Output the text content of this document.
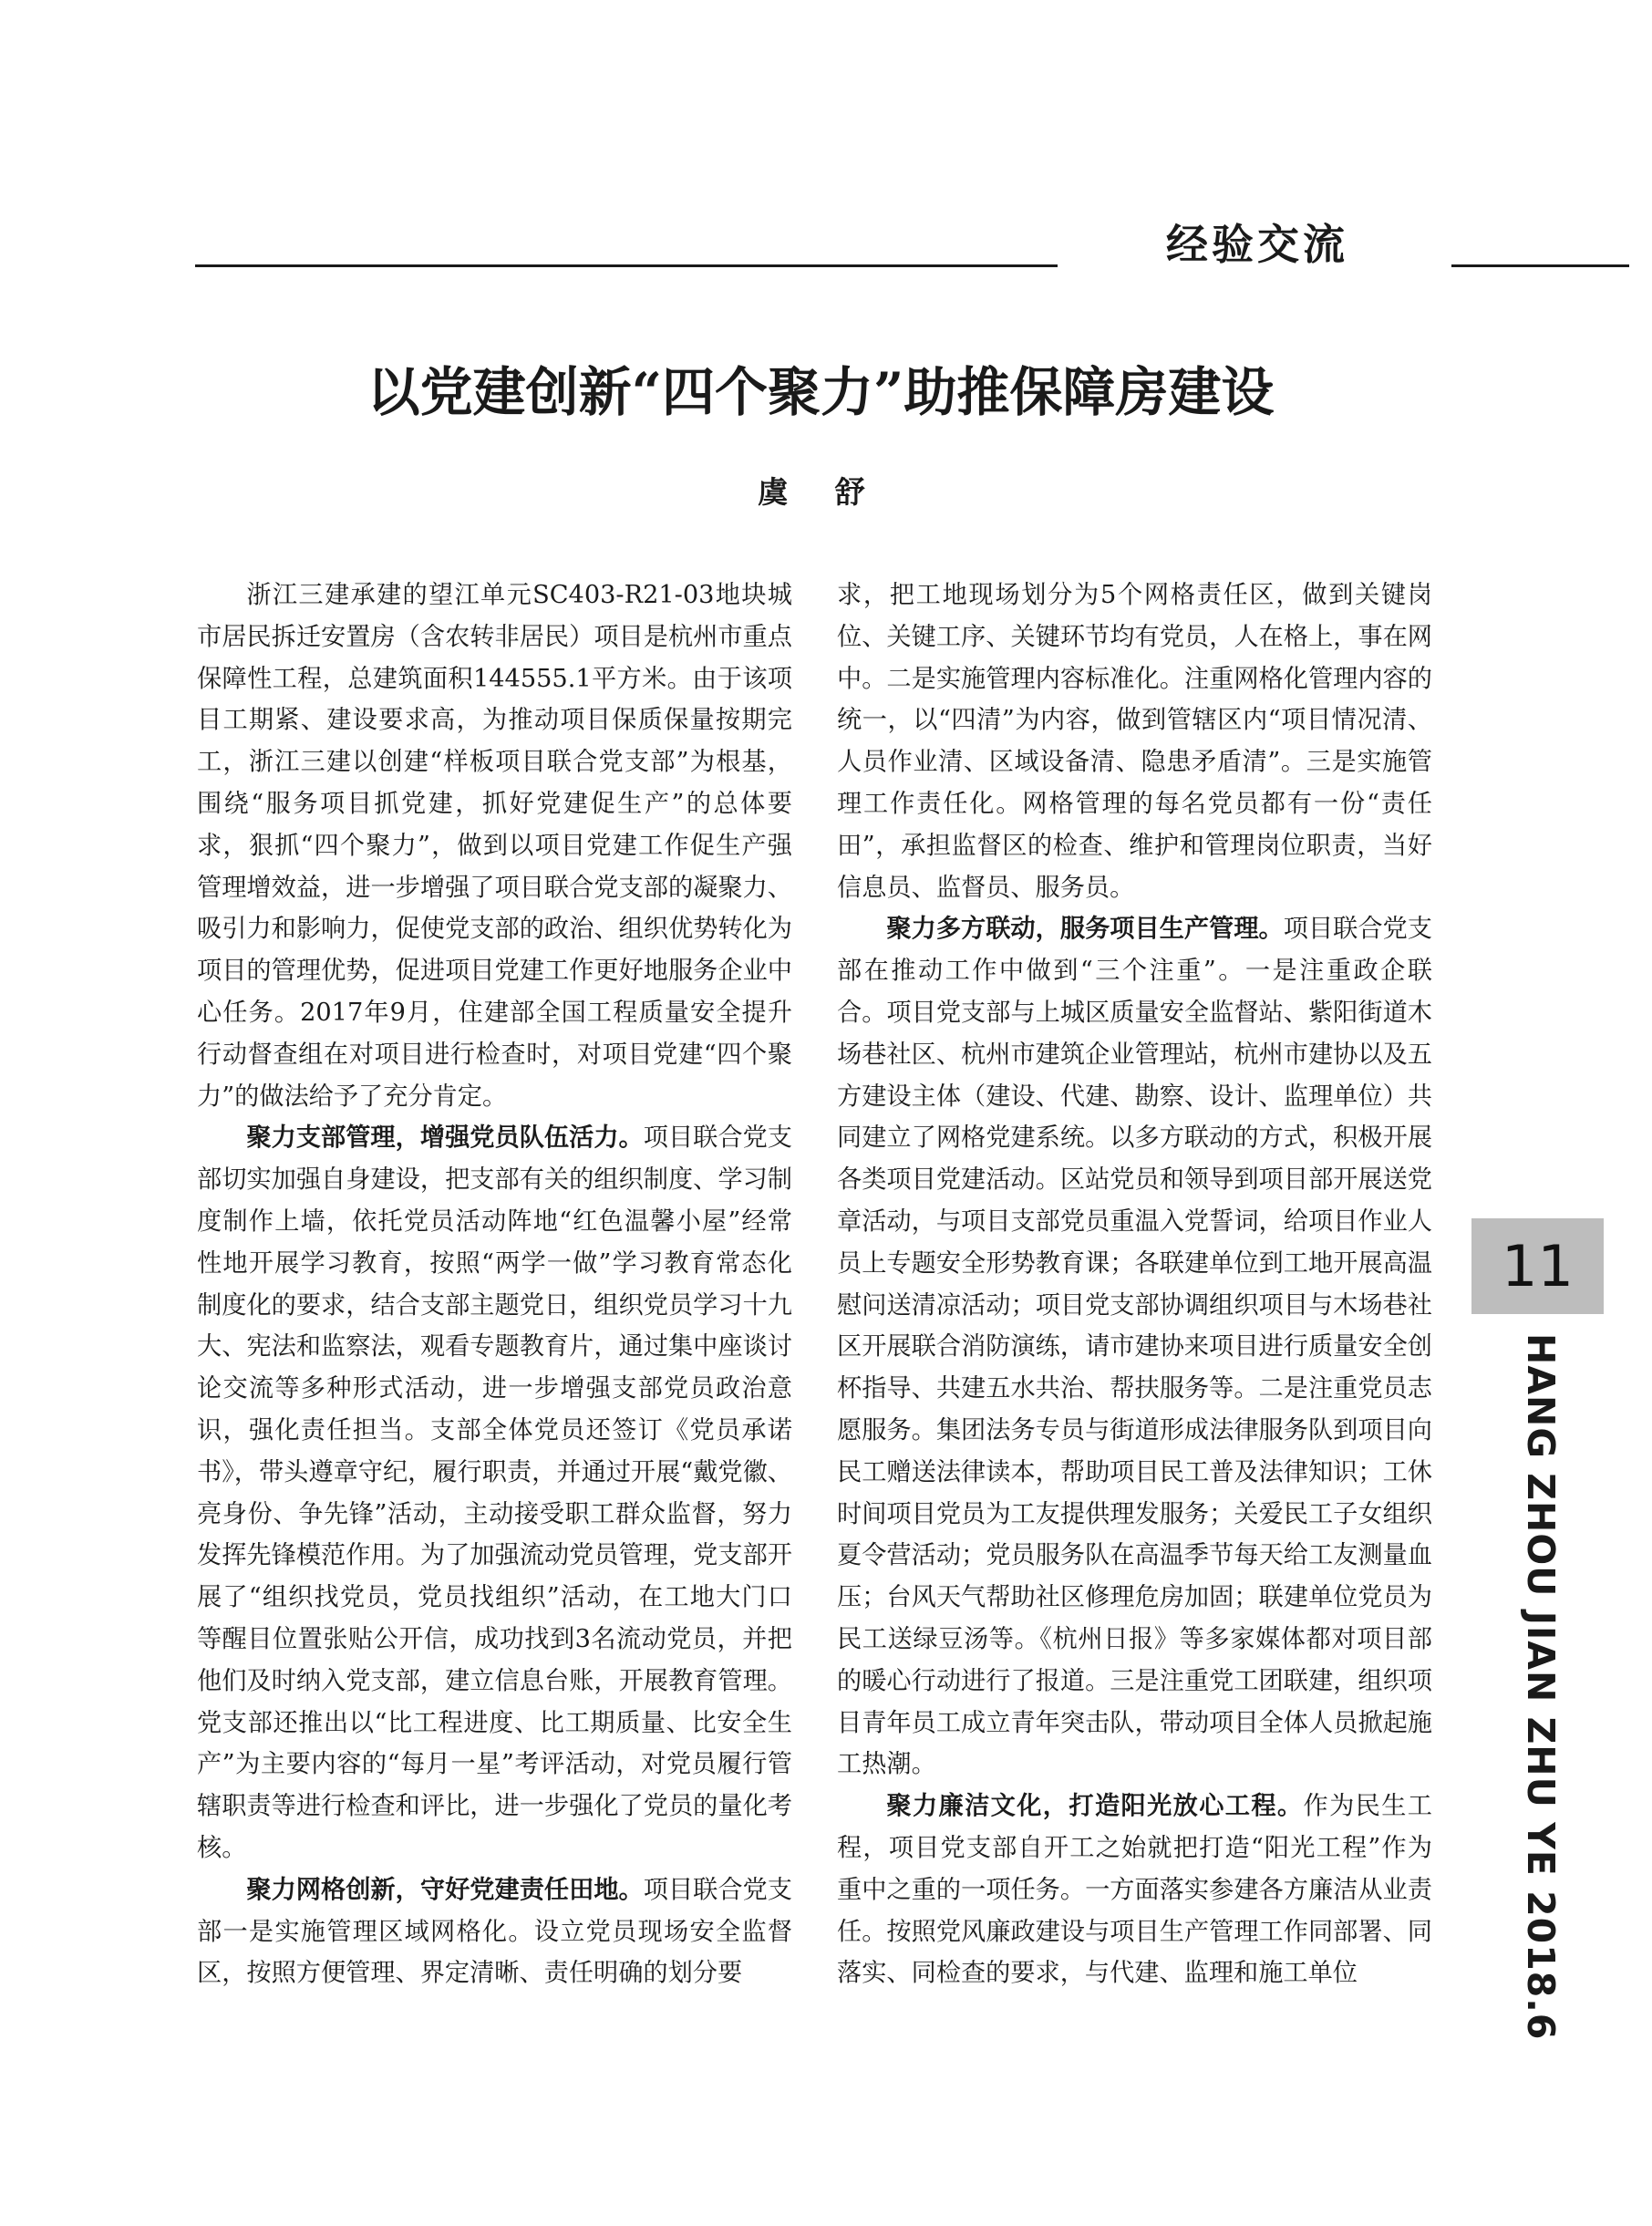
经验交流
以党建创新“四个聚力”助推保障房建设
虞 舒

浙江三建承建的望江单元SC403-R21-03地块城市居民拆迁安置房（含农转非居民）项目是杭州市重点保障性工程，总建筑面积144555.1平方米。由于该项目工期紧、建设要求高，为推动项目保质保量按期完工，浙江三建以创建“样板项目联合党支部”为根基，围绕“服务项目抓党建，抓好党建促生产”的总体要求，狠抓“四个聚力”，做到以项目党建工作促生产强管理增效益，进一步增强了项目联合党支部的凝聚力、吸引力和影响力，促使党支部的政治、组织优势转化为项目的管理优势，促进项目党建工作更好地服务企业中心任务。2017年9月，住建部全国工程质量安全提升行动督查组在对项目进行检查时，对项目党建“四个聚力”的做法给予了充分肯定。

聚力支部管理，增强党员队伍活力。项目联合党支部切实加强自身建设，把支部有关的组织制度、学习制度制作上墙，依托党员活动阵地“红色温馨小屋”经常性地开展学习教育，按照“两学一做”学习教育常态化制度化的要求，结合支部主题党日，组织党员学习十九大、宪法和监察法，观看专题教育片，通过集中座谈讨论交流等多种形式活动，进一步增强支部党员政治意识，强化责任担当。支部全体党员还签订《党员承诺书》，带头遵章守纪，履行职责，并通过开展“戴党徽、亮身份、争先锋”活动，主动接受职工群众监督，努力发挥先锋模范作用。为了加强流动党员管理，党支部开展了“组织找党员，党员找组织”活动，在工地大门口等醒目位置张贴公开信，成功找到3名流动党员，并把他们及时纳入党支部，建立信息台账，开展教育管理。党支部还推出以“比工程进度、比工期质量、比安全生产”为主要内容的“每月一星”考评活动，对党员履行管辖职责等进行检查和评比，进一步强化了党员的量化考核。

聚力网格创新，守好党建责任田地。项目联合党支部一是实施管理区域网格化。设立党员现场安全监督区，按照方便管理、界定清晰、责任明确的划分要

求，把工地现场划分为5个网格责任区，做到关键岗位、关键工序、关键环节均有党员，人在格上，事在网中。二是实施管理内容标准化。注重网格化管理内容的统一，以“四清”为内容，做到管辖区内“项目情况清、人员作业清、区域设备清、隐患矛盾清”。三是实施管理工作责任化。网格管理的每名党员都有一份“责任田”，承担监督区的检查、维护和管理岗位职责，当好信息员、监督员、服务员。

聚力多方联动，服务项目生产管理。项目联合党支部在推动工作中做到“三个注重”。一是注重政企联合。项目党支部与上城区质量安全监督站、紫阳街道木场巷社区、杭州市建筑企业管理站，杭州市建协以及五方建设主体（建设、代建、勘察、设计、监理单位）共同建立了网格党建系统。以多方联动的方式，积极开展各类项目党建活动。区站党员和领导到项目部开展送党章活动，与项目支部党员重温入党誓词，给项目作业人员上专题安全形势教育课；各联建单位到工地开展高温慰问送清凉活动；项目党支部协调组织项目与木场巷社区开展联合消防演练，请市建协来项目进行质量安全创杯指导、共建五水共治、帮扶服务等。二是注重党员志愿服务。集团法务专员与街道形成法律服务队到项目向民工赠送法律读本，帮助项目民工普及法律知识；工休时间项目党员为工友提供理发服务；关爱民工子女组织夏令营活动；党员服务队在高温季节每天给工友测量血压；台风天气帮助社区修理危房加固；联建单位党员为民工送绿豆汤等。《杭州日报》等多家媒体都对项目部的暖心行动进行了报道。三是注重党工团联建，组织项目青年员工成立青年突击队，带动项目全体人员掀起施工热潮。

聚力廉洁文化，打造阳光放心工程。作为民生工程，项目党支部自开工之始就把打造“阳光工程”作为重中之重的一项任务。一方面落实参建各方廉洁从业责任。按照党风廉政建设与项目生产管理工作同部署、同落实、同检查的要求，与代建、监理和施工单位

11
HANG ZHOU JIAN ZHU YE 2018.6
